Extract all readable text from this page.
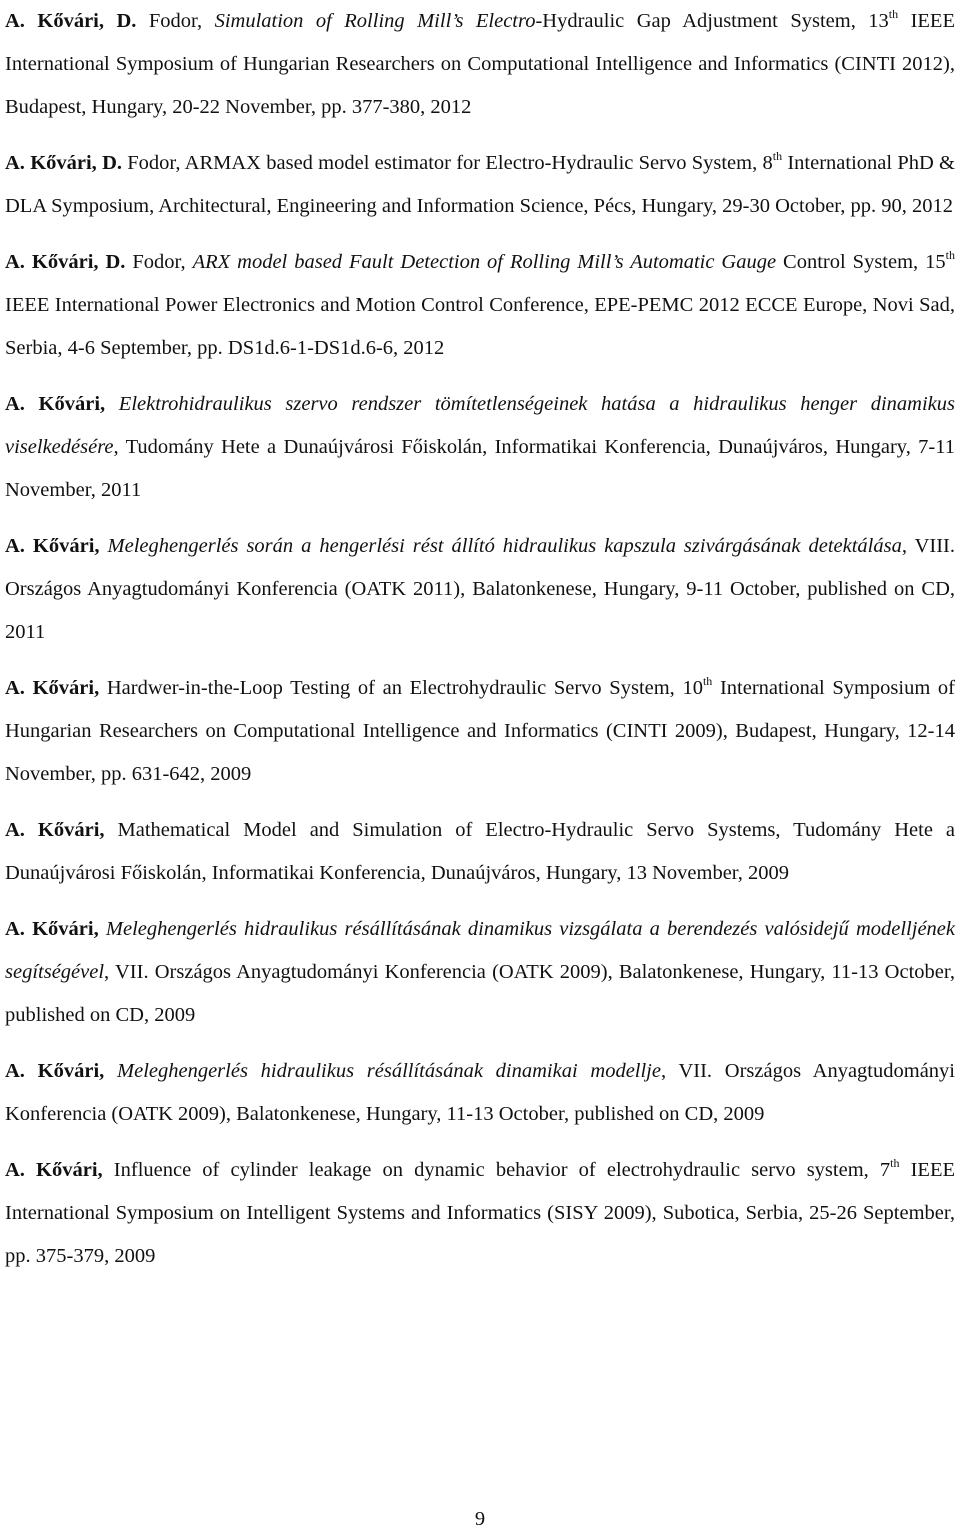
A. Kővári, D. Fodor, Simulation of Rolling Mill’s Electro-Hydraulic Gap Adjustment System, 13th IEEE International Symposium of Hungarian Researchers on Computational Intelligence and Informatics (CINTI 2012), Budapest, Hungary, 20-22 November, pp. 377-380, 2012

A. Kővári, D. Fodor, ARMAX based model estimator for Electro-Hydraulic Servo System, 8th International PhD & DLA Symposium, Architectural, Engineering and Information Science, Pécs, Hungary, 29-30 October, pp. 90, 2012

A. Kővári, D. Fodor, ARX model based Fault Detection of Rolling Mill’s Automatic Gauge Control System, 15th IEEE International Power Electronics and Motion Control Conference, EPE-PEMC 2012 ECCE Europe, Novi Sad, Serbia, 4-6 September, pp. DS1d.6-1-DS1d.6-6, 2012

A. Kővári, Elektrohidraulikus szervo rendszer tömítetlenségeinek hatása a hidraulikus henger dinamikus viselkedésére, Tudomány Hete a Dunaújvárosi Főiskolán, Informatikai Konferencia, Dunaújváros, Hungary, 7-11 November, 2011

A. Kővári, Meleghengerlés során a hengerlési rést állító hidraulikus kapszula szivárgásának detektálása, VIII. Országos Anyagtudományi Konferencia (OATK 2011), Balatonkenese, Hungary, 9-11 October, published on CD, 2011

A. Kővári, Hardwer-in-the-Loop Testing of an Electrohydraulic Servo System, 10th International Symposium of Hungarian Researchers on Computational Intelligence and Informatics (CINTI 2009), Budapest, Hungary, 12-14 November, pp. 631-642, 2009

A. Kővári, Mathematical Model and Simulation of Electro-Hydraulic Servo Systems, Tudomány Hete a Dunaújvárosi Főiskolán, Informatikai Konferencia, Dunaújváros, Hungary, 13 November, 2009

A. Kővári, Meleghengerlés hidraulikus résállításának dinamikus vizsgálata a berendezés valósidejű modelljének segítségével, VII. Országos Anyagtudományi Konferencia (OATK 2009), Balatonkenese, Hungary, 11-13 October, published on CD, 2009

A. Kővári, Meleghengerlés hidraulikus résállításának dinamikai modellje, VII. Országos Anyagtudományi Konferencia (OATK 2009), Balatonkenese, Hungary, 11-13 October, published on CD, 2009

A. Kővári, Influence of cylinder leakage on dynamic behavior of electrohydraulic servo system, 7th IEEE International Symposium on Intelligent Systems and Informatics (SISY 2009), Subotica, Serbia, 25-26 September, pp. 375-379, 2009

9
